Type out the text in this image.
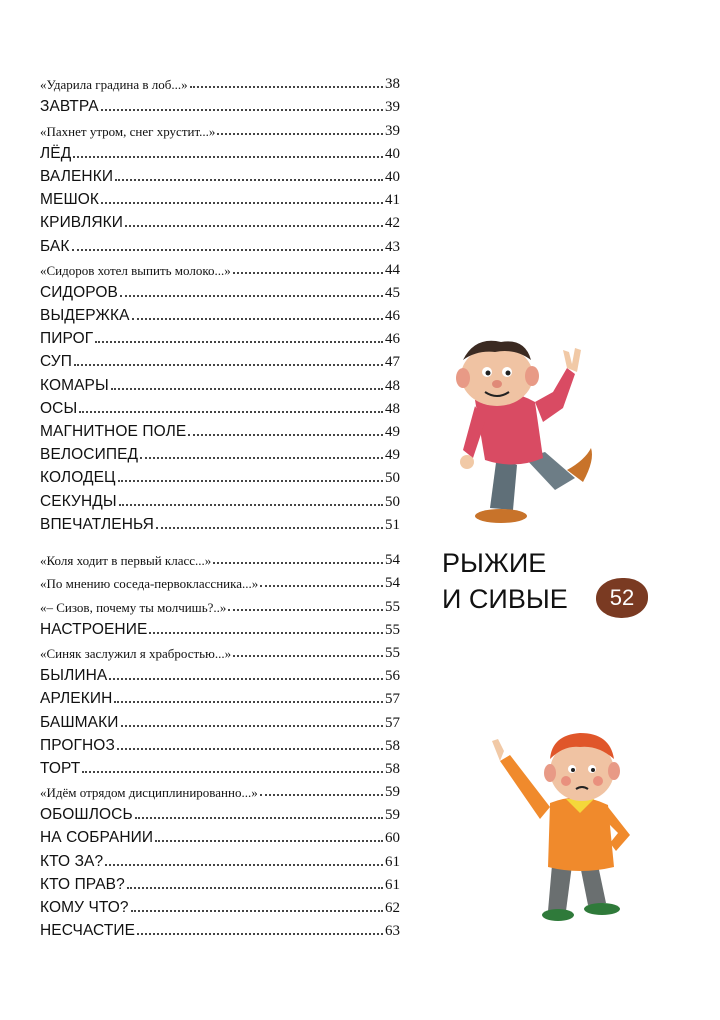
«Ударила градина в лоб...»	38
ЗАВТРА	39
«Пахнет утром, снег хрустит...»	39
ЛЁД	40
ВАЛЕНКИ	40
МЕШОК	41
КРИВЛЯКИ	42
БАК	43
«Сидоров хотел выпить молоко...»	44
СИДОРОВ	45
ВЫДЕРЖКА	46
ПИРОГ	46
СУП	47
КОМАРЫ	48
ОСЫ	48
МАГНИТНОЕ ПОЛЕ	49
ВЕЛОСИПЕД	49
КОЛОДЕЦ	50
СЕКУНДЫ	50
ВПЕЧАТЛЕНЬЯ	51
«Коля ходит в первый класс...»	54
«По мнению соседа-первоклассника...»	54
«– Сизов, почему ты молчишь?..»	55
НАСТРОЕНИЕ	55
«Синяк заслужил я храбростью...»	55
БЫЛИНА	56
АРЛЕКИН	57
БАШМАКИ	57
ПРОГНОЗ	58
ТОРТ	58
«Идём отрядом дисциплинированно...»	59
ОБОШЛОСЬ	59
НА СОБРАНИИ	60
КТО ЗА?	61
КТО ПРАВ?	61
КОМУ ЧТО?	62
НЕСЧАСТИЕ	63
РЫЖИЕ
И СИВЫЕ	52
